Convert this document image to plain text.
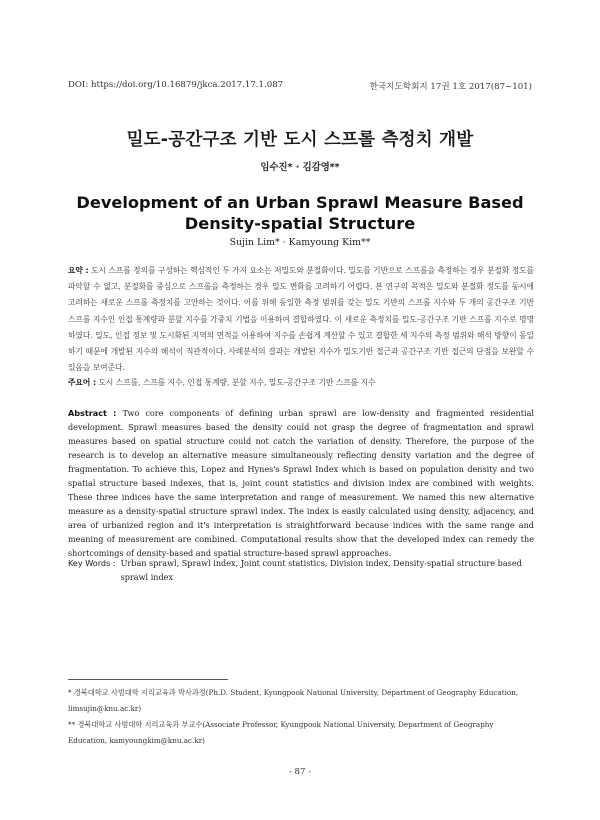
DOI: https://doi.org/10.16879/jkca.2017.17.1.087	한국지도학회지 17권 1호 2017(87~101)
밀도-공간구조 기반 도시 스프롤 측정치 개발
임수진* · 김감영**
Development of an Urban Sprawl Measure Based
Density-spatial Structure
Sujin Lim* · Kamyoung Kim**
요약 : 도시 스프롤 정의를 구성하는 핵심적인 두 가지 요소는 저밀도와 분절화이다. 밀도를 기반으로 스프롤을 측정하는 경우 분절화 정도를 파악할 수 없고, 분절화를 중심으로 스프롤을 측정하는 경우 밀도 변화를 고려하기 어렵다. 본 연구의 목적은 밀도와 분절화 정도를 동시에 고려하는 새로운 스프롤 측정치를 고안하는 것이다. 이를 위해 동일한 측정 범위를 갖는 밀도 기반의 스프롤 지수와 두 개의 공간구조 기반 스프롤 지수인 인접 통계량과 분할 지수를 가중치 기법을 이용하여 결합하였다. 이 새로운 측정치를 밀도-공간구조 기반 스프롤 지수로 명명하였다. 밀도, 인접 정보 및 도시화된 지역의 면적을 이용하여 지수를 손쉽게 계산할 수 있고 결합한 세 지수의 측정 범위와 해석 방향이 동일하기 때문에 개발된 지수의 해석이 직관적이다. 사례분석의 결과는 개발된 지수가 밀도기반 접근과 공간구조 기반 접근의 단점을 보완할 수 있음을 보여준다.
주요어 : 도시 스프롤, 스프롤 지수, 인접 통계량, 분할 지수, 밀도-공간구조 기반 스프롤 지수
Abstract : Two core components of defining urban sprawl are low-density and fragmented residential development. Sprawl measures based the density could not grasp the degree of fragmentation and sprawl measures based on spatial structure could not catch the variation of density. Therefore, the purpose of the research is to develop an alternative measure simultaneously reflecting density variation and the degree of fragmentation. To achieve this, Lopez and Hynes's Sprawl Index which is based on population density and two spatial structure based indexes, that is, joint count statistics and division index are combined with weights. These three indices have the same interpretation and range of measurement. We named this new alternative measure as a density-spatial structure sprawl index. The index is easily calculated using density, adjacency, and area of urbanized region and it's interpretation is straightforward because indices with the same range and meaning of measurement are combined. Computational results show that the developed index can remedy the shortcomings of density-based and spatial structure-based sprawl approaches.
Key Words : Urban sprawl, Sprawl index, Joint count statistics, Division index, Density-spatial structure based sprawl index
* 경북대학교 사범대학 지리교육과 박사과정(Ph.D. Student, Kyungpook National University, Department of Geography Education, limsujin@knu.ac.kr)
** 경북대학교 사범대학 지리교육과 부교수(Associate Professor, Kyungpook National University, Department of Geography Education, kamyoungkim@knu.ac.kr)
- 87 -
